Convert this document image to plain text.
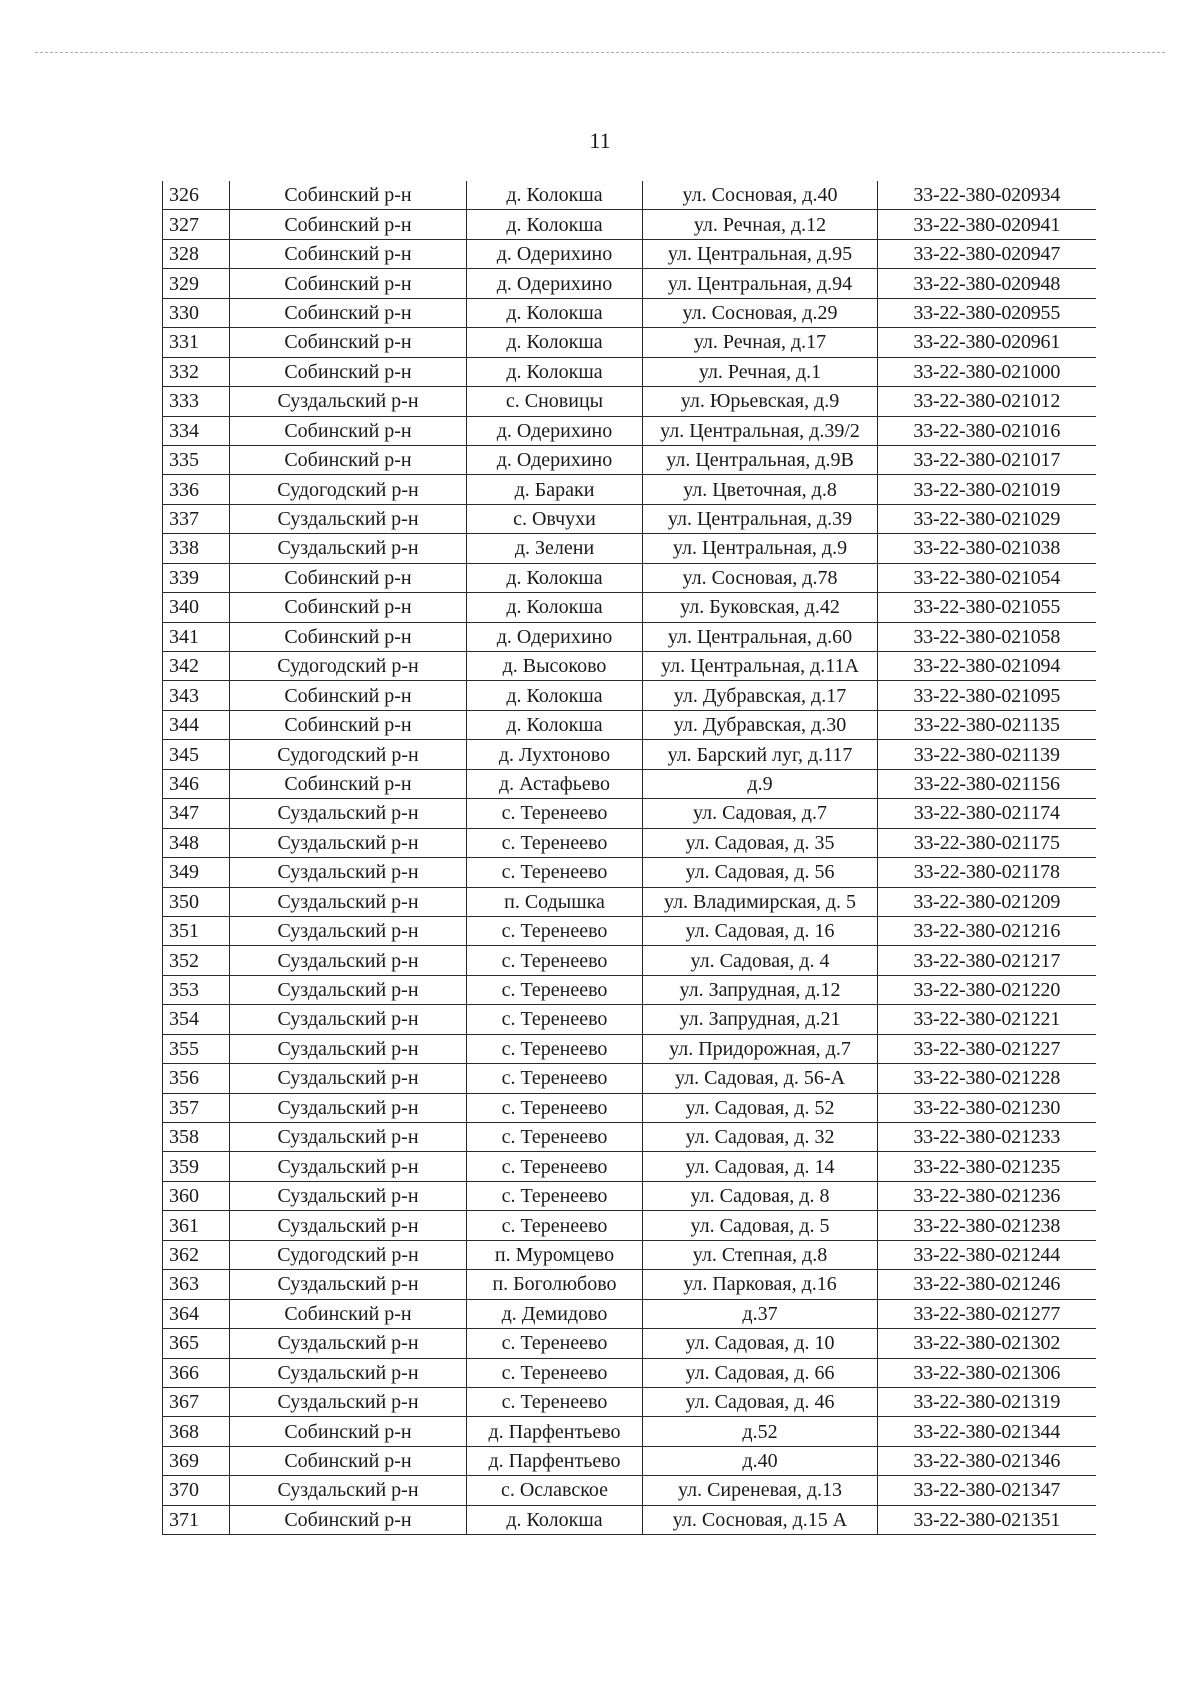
11
326	Собинский р-н	д. Колокша	ул. Сосновая, д.40	33-22-380-020934
327	Собинский р-н	д. Колокша	ул. Речная, д.12	33-22-380-020941
328	Собинский р-н	д. Одерихино	ул. Центральная, д.95	33-22-380-020947
329	Собинский р-н	д. Одерихино	ул. Центральная, д.94	33-22-380-020948
330	Собинский р-н	д. Колокша	ул. Сосновая, д.29	33-22-380-020955
331	Собинский р-н	д. Колокша	ул. Речная, д.17	33-22-380-020961
332	Собинский р-н	д. Колокша	ул. Речная, д.1	33-22-380-021000
333	Суздальский р-н	с. Сновицы	ул. Юрьевская, д.9	33-22-380-021012
334	Собинский р-н	д. Одерихино	ул. Центральная, д.39/2	33-22-380-021016
335	Собинский р-н	д. Одерихино	ул. Центральная, д.9В	33-22-380-021017
336	Судогодский р-н	д. Бараки	ул. Цветочная, д.8	33-22-380-021019
337	Суздальский р-н	с. Овчухи	ул. Центральная, д.39	33-22-380-021029
338	Суздальский р-н	д. Зелени	ул. Центральная, д.9	33-22-380-021038
339	Собинский р-н	д. Колокша	ул. Сосновая, д.78	33-22-380-021054
340	Собинский р-н	д. Колокша	ул. Буковская, д.42	33-22-380-021055
341	Собинский р-н	д. Одерихино	ул. Центральная, д.60	33-22-380-021058
342	Судогодский р-н	д. Высоково	ул. Центральная, д.11А	33-22-380-021094
343	Собинский р-н	д. Колокша	ул. Дубравская, д.17	33-22-380-021095
344	Собинский р-н	д. Колокша	ул. Дубравская, д.30	33-22-380-021135
345	Судогодский р-н	д. Лухтоново	ул. Барский луг, д.117	33-22-380-021139
346	Собинский р-н	д. Астафьево	д.9	33-22-380-021156
347	Суздальский р-н	с. Теренеево	ул. Садовая, д.7	33-22-380-021174
348	Суздальский р-н	с. Теренеево	ул. Садовая, д. 35	33-22-380-021175
349	Суздальский р-н	с. Теренеево	ул. Садовая, д. 56	33-22-380-021178
350	Суздальский р-н	п. Содышка	ул. Владимирская, д. 5	33-22-380-021209
351	Суздальский р-н	с. Теренеево	ул. Садовая, д. 16	33-22-380-021216
352	Суздальский р-н	с. Теренеево	ул. Садовая, д. 4	33-22-380-021217
353	Суздальский р-н	с. Теренеево	ул. Запрудная, д.12	33-22-380-021220
354	Суздальский р-н	с. Теренеево	ул. Запрудная, д.21	33-22-380-021221
355	Суздальский р-н	с. Теренеево	ул. Придорожная, д.7	33-22-380-021227
356	Суздальский р-н	с. Теренеево	ул. Садовая, д. 56-А	33-22-380-021228
357	Суздальский р-н	с. Теренеево	ул. Садовая, д. 52	33-22-380-021230
358	Суздальский р-н	с. Теренеево	ул. Садовая, д. 32	33-22-380-021233
359	Суздальский р-н	с. Теренеево	ул. Садовая, д. 14	33-22-380-021235
360	Суздальский р-н	с. Теренеево	ул. Садовая, д. 8	33-22-380-021236
361	Суздальский р-н	с. Теренеево	ул. Садовая, д. 5	33-22-380-021238
362	Судогодский р-н	п. Муромцево	ул. Степная, д.8	33-22-380-021244
363	Суздальский р-н	п. Боголюбово	ул. Парковая, д.16	33-22-380-021246
364	Собинский р-н	д. Демидово	д.37	33-22-380-021277
365	Суздальский р-н	с. Теренеево	ул. Садовая, д. 10	33-22-380-021302
366	Суздальский р-н	с. Теренеево	ул. Садовая, д. 66	33-22-380-021306
367	Суздальский р-н	с. Теренеево	ул. Садовая, д. 46	33-22-380-021319
368	Собинский р-н	д. Парфентьево	д.52	33-22-380-021344
369	Собинский р-н	д. Парфентьево	д.40	33-22-380-021346
370	Суздальский р-н	с. Ославское	ул. Сиреневая, д.13	33-22-380-021347
371	Собинский р-н	д. Колокша	ул. Сосновая, д.15 А	33-22-380-021351
